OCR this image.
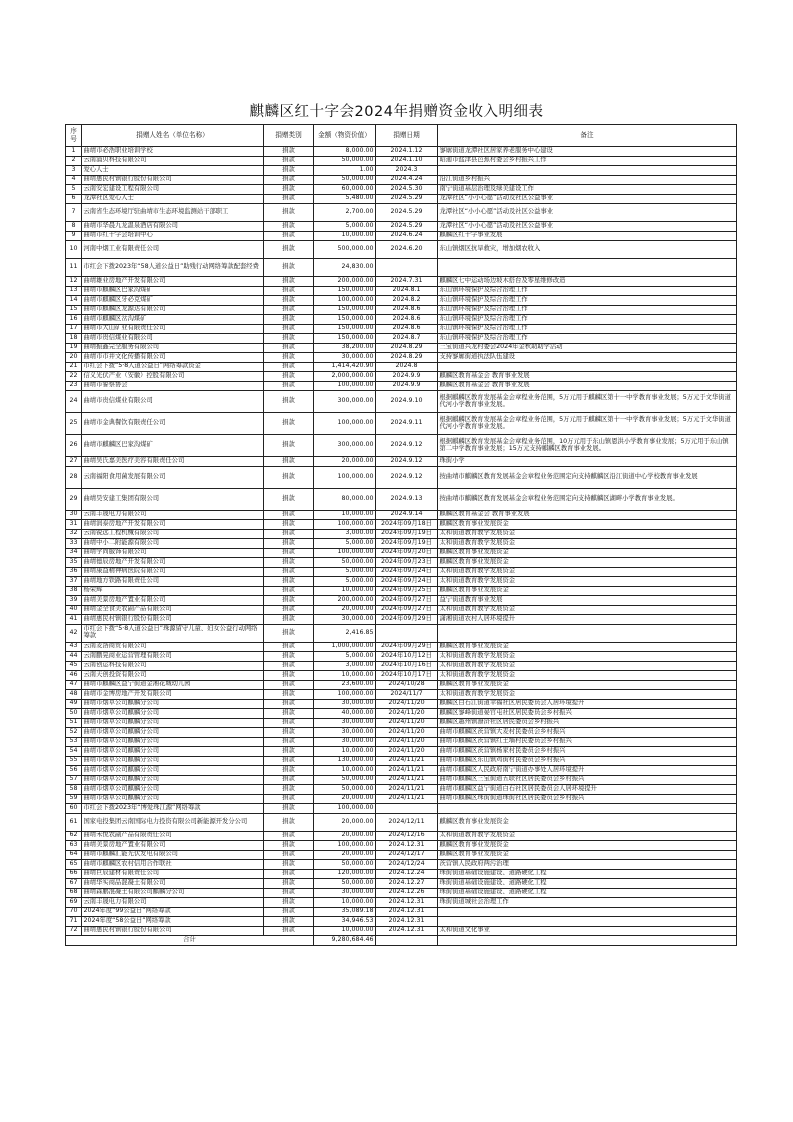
麒麟区红十字会2024年捐赠资金收入明细表
序号	捐赠人姓名（单位名称）	捐赠类别	金额（物资价值）	捐赠日期	备注
1	曲靖市必浩职业培训学校	捐款	8,000.00	2024.1.12	寥廓街道龙潭社区居家养老服务中心建设
2	云南浦贝科技有限公司	捐款	50,000.00	2024.1.10	昭通市盐津县芭蕉村委会乡村振兴工作
3	爱心人士	捐款	1.00	2024.3	
4	曲靖惠民村镇银行股份有限公司	捐款	50,000.00	2024.4.24	沿江街道乡村振兴
5	云南安宏建设工程有限公司	捐款	60,000.00	2024.5.30	南宁街道基层治理及绿美建设工作
6	龙潭社区爱心人士	捐款	5,480.00	2024.5.29	龙潭社区“小小心愿”活动及社区公益事业
7	云南省生态环境厅驻曲靖市生态环境监测站干部职工	捐款	2,700.00	2024.5.29	龙潭社区“小小心愿”活动及社区公益事业
8	曲靖市华晨九龙温泉酒店有限公司	捐款	5,000.00	2024.5.29	龙潭社区“小小心愿”活动及社区公益事业
9	曲靖市红十字会培训中心	捐款	10,000.00	2024.6.24	麒麟区红十字事业发展
10	河南中烟工业有限责任公司	捐款	500,000.00	2024.6.20	东山镇烟区抗旱救灾，增加烟农收入
11	市红会下拨2023年“58人道公益日”助残行动网络筹款配套经费	捐款	24,830.00		
12	曲靖雄业房地产开发有限公司	捐款	200,000.00	2024.7.31	麒麟区七中运动场边坡木搭台及零星维修改造
13	曲靖市麒麟区巴家沟煤矿	捐款	150,000.00	2024.8.1	东山镇环境保护及综合治理工作
14	曲靖市麒麟区牙必克煤矿	捐款	100,000.00	2024.8.2	东山镇环境保护及综合治理工作
15	曲靖市麒麟区龙源达有限公司	捐款	150,000.00	2024.8.6	东山镇环境保护及综合治理工作
16	曲靖市麒麟区岔沟煤矿	捐款	150,000.00	2024.8.6	东山镇环境保护及综合治理工作
17	曲靖市大山矿业有限责任公司	捐款	150,000.00	2024.8.6	东山镇环境保护及综合治理工作
18	曲靖市贵信煤业有限公司	捐款	150,000.00	2024.8.7	东山镇环境保护及综合治理工作
19	曲靖振鑫完全服务有限公司	捐款	38,200.00	2024.8.29	三宝街道兴龙村委会2024年金秋助助学活动
20	曲靖市市井文化传播有限公司	捐款	30,000.00	2024.8.29	支持寥廓街道执法队伍建设
21	市红会下拨“5·8人道公益日”网络筹款资金	捐款	1,414,420.90	2024.8	
22	信义光伏产业（安徽）控股有限公司	捐款	2,000,000.00	2024.9.9	麒麟区教育基金会 教育事业发展
23	曲靖市警察协会	捐款	100,000.00	2024.9.9	麒麟区教育基金会 教育事业发展
24	曲靖市贵信煤业有限公司	捐款	300,000.00	2024.9.10	根据麒麟区教育发展基金会章程业务范围，5万元用于麒麟区第十一中学教育事业发展；5万元于文华街道代河小学教育事业发展。
25	曲靖市金典餐饮有限责任公司	捐款	100,000.00	2024.9.11	根据麒麟区教育发展基金会章程业务范围，5万元用于麒麟区第十一中学教育事业发展；5万元于文华街道代河小学教育事业发展。
26	曲靖市麒麟区巴家沟煤矿	捐款	300,000.00	2024.9.12	根据麒麟区教育发展基金会章程业务范围，10万元用于东山镇恩洪小学教育事业发展；5万元用于东山镇第二中学教育事业发展；15万元支持麒麟区教育事业发展。
27	曲靖吴氏嘉美医疗美容有限责任公司	捐款	20,000.00	2024.9.12	珠街小学
28	云南福阳食用菌发展有限公司	捐款	100,000.00	2024.9.12	按曲靖市麒麟区教育发展基金会章程业务范围定向支持麒麟区沿江街道中心学校教育事业发展
29	曲靖昊安建工集团有限公司	捐款	80,000.00	2024.9.13	按曲靖市麒麟区教育发展基金会章程业务范围定向支持麒麟区湖畔小学教育事业发展。
30	云南丰晟电力有限公司	捐款	10,000.00	2024.9.14	麒麟区教育基金会 教育事业发展
31	曲靖润泰房地产开发有限公司	捐款	100,000.00	2024年09月18日	麒麟区教育事业发展资金
32	云南锐远工程机械有限公司	捐款	3,000.00	2024年09月19日	太和街道教育教学发展资金
33	曲靖中小二附能源有限公司	捐款	5,000.00	2024年09月19日	太和街道教育教学发展资金
34	曲靖学尚服饰有限公司	捐款	100,000.00	2024年09月20日	麒麟区教育事业发展资金
35	曲靖德辰房地产开发有限公司	捐款	50,000.00	2024年09月23日	麒麟区教育事业发展资金
36	曲靖康益精神病医院有限公司	捐款	5,000.00	2024年09月24日	太和街道教育教学发展资金
37	曲靖地方铁路有限责任公司	捐款	5,000.00	2024年09月24日	太和街道教育教学发展资金
38	杨荣辉	捐款	10,000.00	2024年09月25日	麒麟区教育事业发展资金
39	曲靖美景房地产置业有限公司	捐款	200,000.00	2024年09月27日	益宁街道教育事业发展
40	曲靖金全食美农副产品有限公司	捐款	20,000.00	2024年09月27日	太和街道教育教学发展资金
41	曲靖惠民村镇银行股份有限公司	捐款	30,000.00	2024年09月29日	潇湘街道农村人居环境提升
42	市红会下拨“5·8人道公益日”珠源留守儿童、妇女公益行动网络筹款	捐款	2,416.85		
43	云南麦洛商贸有限公司	捐款	1,000,000.00	2024年09月29日	麒麟区教育事业发展资金
44	云南鹏晃商业运营管理有限公司	捐款	5,000.00	2024年10月12日	太和街道教育教学发展资金
45	云南创运科技有限公司	捐款	3,000.00	2024年10月16日	太和街道教育教学发展资金
46	云南天创投资有限公司	捐款	10,000.00	2024年10月17日	太和街道教育教学发展资金
47	曲靖市麒麟区益宁街道金湘花城幼儿园	捐款	23,600.00	2024/10/28	麒麟区教育事业发展资金
48	曲靖市金博房地产开发有限公司	捐款	100,000.00	2024/11/7	太和街道教育教学发展资金
49	曲靖市烟草公司麒麟分公司	捐款	30,000.00	2024/11/20	麒麟区白石江街道幸福社区居民委员会人居环境提升
50	曲靖市烟草公司麒麟分公司	捐款	40,000.00	2024/11/20	麒麟区寥峰街道晏官屯社区居民委员会乡村振兴
51	曲靖市烟草公司麒麟分公司	捐款	30,000.00	2024/11/20	麒麟区越州镇潦浒社区居民委员会乡村振兴
52	曲靖市烟草公司麒麟分公司	捐款	30,000.00	2024/11/20	曲靖市麒麟区茨营镇大麦村民委员会乡村振兴
53	曲靖市烟草公司麒麟分公司	捐款	30,000.00	2024/11/20	曲靖市麒麟区茨营镇红土墙村民委员会乡村振兴
54	曲靖市烟草公司麒麟分公司	捐款	10,000.00	2024/11/20	曲靖市麒麟区茨营镇杨家村民委员会乡村振兴
55	曲靖市烟草公司麒麟分公司	捐款	130,000.00	2024/11/21	曲靖市麒麟区东山镇鸡街村民委员会乡村振兴
56	曲靖市烟草公司麒麟分公司	捐款	10,000.00	2024/11/21	曲靖市麒麟区人民政府南宁街道办事处人居环境提升
57	曲靖市烟草公司麒麟分公司	捐款	50,000.00	2024/11/21	曲靖市麒麟区三宝街道五联社区居民委员会乡村振兴
58	曲靖市烟草公司麒麟分公司	捐款	50,000.00	2024/11/21	曲靖市麒麟区益宁街道白石社区居民委员会人居环境提升
59	曲靖市烟草公司麒麟分公司	捐款	20,000.00	2024/11/21	曲靖市麒麟区珠街街道珠街社区居民委员会乡村振兴
60	市红会下拨2023年“博爱珠江源”网络筹款	捐款	100,000.00		
61	国家电投集团云南国际电力投资有限公司新能源开发分公司	捐款	20,000.00	2024/12/11	麒麟区教育事业发展资金
62	曲靖禾悦农副产品有限责任公司	捐款	20,000.00	2024/12/16	太和街道教育教学发展资金
63	曲靖美景房地产置业有限公司	捐款	100,000.00	2024.12.31	麒麟区教育事业发展资金
64	曲靖市麒麟汇能光伏发电有限公司	捐款	20,000.00	2024/12/17	麒麟区教育事业发展资金
65	曲靖市麒麟区农村信用合作联社	捐款	50,000.00	2024/12/24	茨营镇人民政府两污治理
66	曲靖巨辰建材有限责任公司	捐款	120,000.00	2024.12.24	珠街街道基础设施建设、道路硬化工程
67	曲靖华实商品混凝土有限公司	捐款	50,000.00	2024.12.27	珠街街道基础设施建设、道路硬化工程
68	曲靖森鹏混凝土有限公司麒麟分公司	捐款	30,000.00	2024.12.26	珠街街道基础设施建设、道路硬化工程
69	云南丰晟电力有限公司	捐款	10,000.00	2024.12.31	珠街街道城社会治理工作
70	2024年度“99公益日”网络筹款	捐款	35,089.18	2024.12.31	
71	2024年度“58公益日”网络筹款	捐款	34,946.53	2024.12.31	
72	曲靖惠民村镇银行股份有限公司	捐款	10,000.00	2024.12.31	太和街道文化事业
合计			9,280,684.46		
